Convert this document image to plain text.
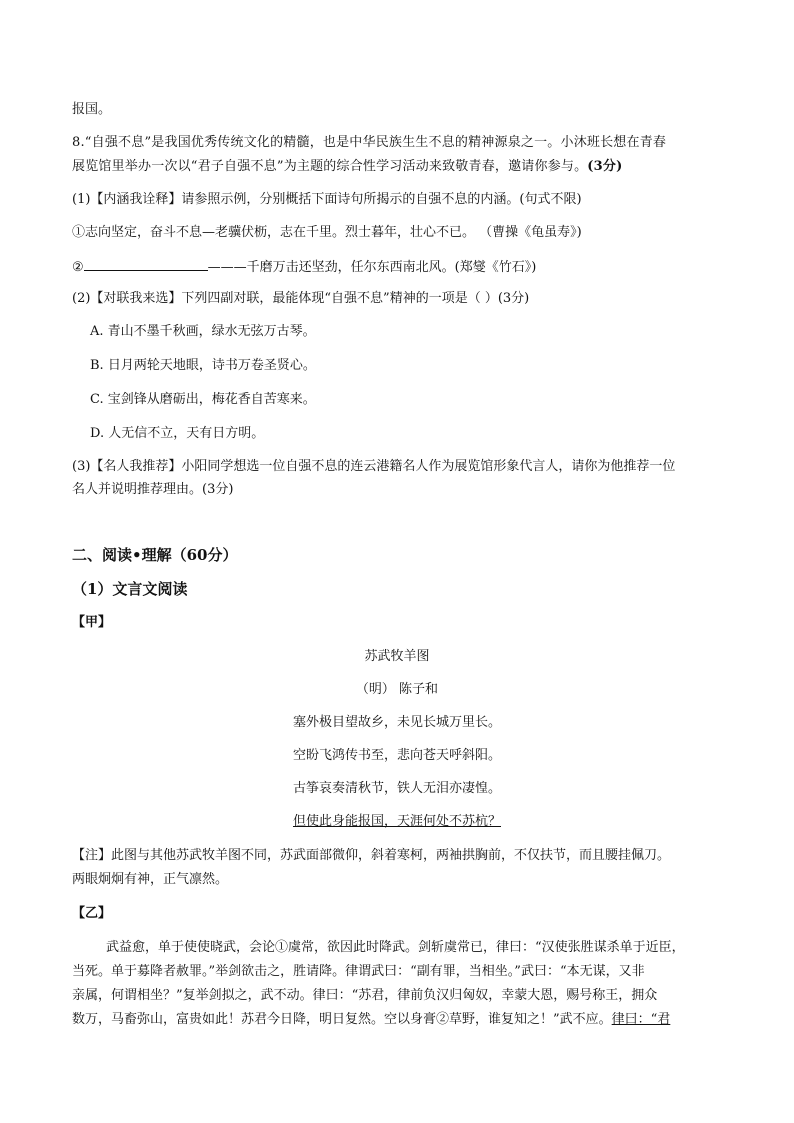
报国。
8.“自强不息”是我国优秀传统文化的精髓，也是中华民族生生不息的精神源泉之一。小沐班长想在青春
展览馆里举办一次以“君子自强不息”为主题的综合性学习活动来致敬青春，邀请你参与。(3分)
(1)【内涵我诠释】请参照示例，分别概括下面诗句所揭示的自强不息的内涵。(句式不限)
①志向坚定，奋斗不息—老骥伏枥，志在千里。烈士暮年，壮心不已。 （曹操《龟虽寿》)
②	———千磨万击还坚劲，任尔东西南北风。(郑燮《竹石》)
(2)【对联我来选】下列四副对联，最能体现“自强不息”精神的一项是（ ）(3分)
A. 青山不墨千秋画，绿水无弦万古琴。
B. 日月两轮天地眼，诗书万卷圣贤心。
C. 宝剑锋从磨砺出，梅花香自苦寒来。
D. 人无信不立，天有日方明。
(3)【名人我推荐】小阳同学想选一位自强不息的连云港籍名人作为展览馆形象代言人，请你为他推荐一位
名人并说明推荐理由。(3分)
二、阅读•理解（60分）
（1）文言文阅读
【甲】
苏武牧羊图
（明） 陈子和
塞外极目望故乡，未见长城万里长。
空盼飞鸿传书至，悲向苍天呼斜阳。
古筝哀奏清秋节，铁人无泪亦凄惶。
但使此身能报国，天涯何处不苏杭？
【注】此图与其他苏武牧羊图不同，苏武面部微仰，斜着寒柯，两袖拱胸前，不仅扶节，而且腰挂佩刀。
两眼炯炯有神，正气凛然。
【乙】
武益愈，单于使使晓武，会论①虞常，欲因此时降武。剑斩虞常已，律曰：“汉使张胜谋杀单于近臣，
当死。单于募降者赦罪。”举剑欲击之，胜请降。律谓武曰：“副有罪，当相坐。”武曰：“本无谋，又非
亲属，何谓相坐？”复举剑拟之，武不动。律曰：“苏君，律前负汉归匈奴，幸蒙大恩，赐号称王，拥众
数万，马畜弥山，富贵如此！苏君今日降，明日复然。空以身膏②草野，谁复知之！”武不应。律曰：“君
